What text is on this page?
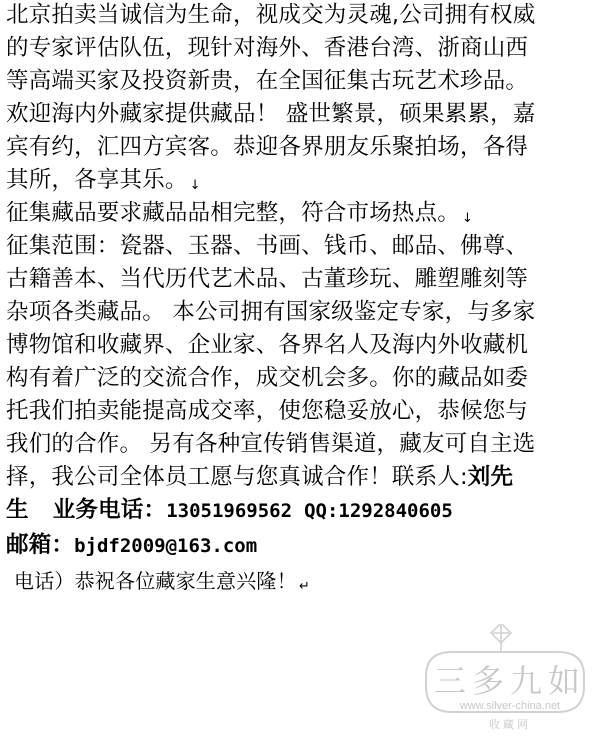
北京拍卖当诚信为生命，视成交为灵魂,公司拥有权威
的专家评估队伍，现针对海外、香港台湾、浙商山西
等高端买家及投资新贵，在全国征集古玩艺术珍品。
欢迎海内外藏家提供藏品！ 盛世繁景，硕果累累，嘉
宾有约，汇四方宾客。恭迎各界朋友乐聚拍场，各得
其所，各享其乐。 ↓
征集藏品要求藏品品相完整，符合市场热点。 ↓
征集范围：瓷器、玉器、书画、钱币、邮品、佛尊、
古籍善本、当代历代艺术品、古董珍玩、雕塑雕刻等
杂项各类藏品。 本公司拥有国家级鉴定专家，与多家
博物馆和收藏界、企业家、各界名人及海内外收藏机
构有着广泛的交流合作，成交机会多。你的藏品如委
托我们拍卖能提高成交率，使您稳妥放心，恭候您与
我们的合作。 另有各种宣传销售渠道，藏友可自主选
择，我公司全体员工愿与您真诚合作！联系人:刘先
生 业务电话：13051969562 QQ:1292840605
邮箱：bjdf2009@163.com
电话）恭祝各位藏家生意兴隆！ ↵
三多九如
www.silver-china.net
收藏网
